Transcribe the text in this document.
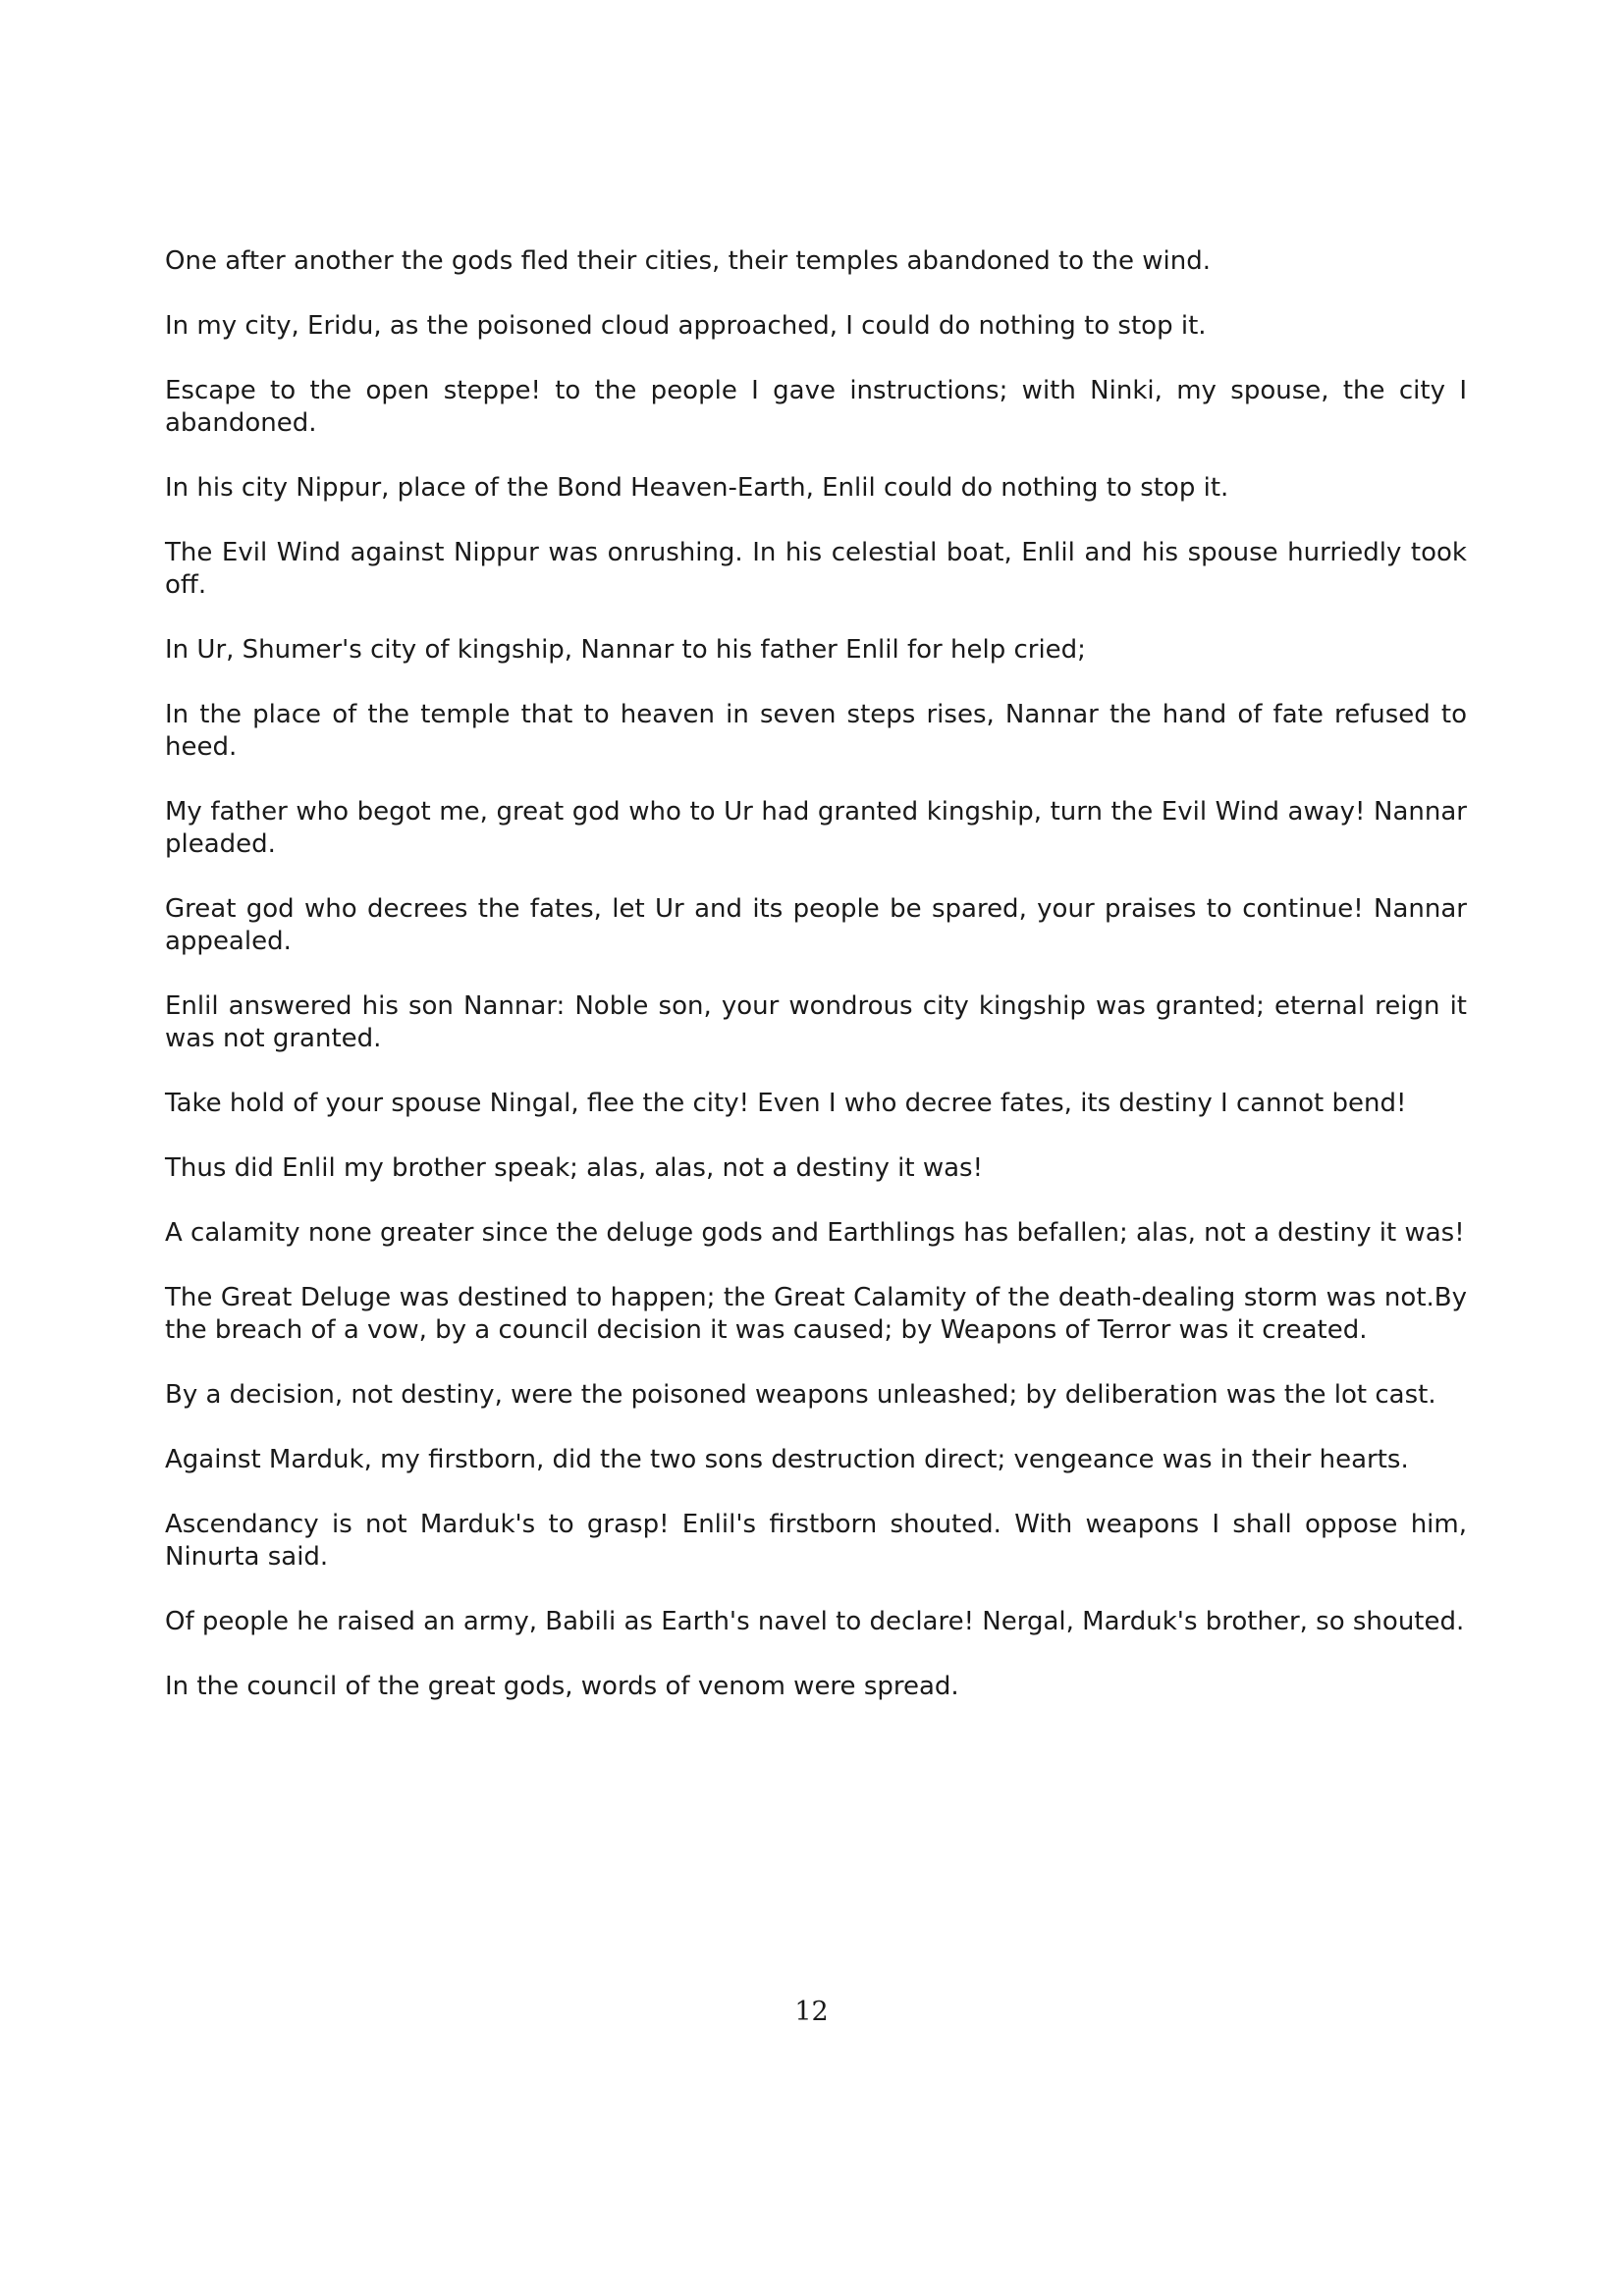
One after another the gods fled their cities, their temples abandoned to the wind.

In my city, Eridu, as the poisoned cloud approached, I could do nothing to stop it.

Escape to the open steppe! to the people I gave instructions; with Ninki, my spouse, the city I abandoned.

In his city Nippur, place of the Bond Heaven-Earth, Enlil could do nothing to stop it.

The Evil Wind against Nippur was onrushing. In his celestial boat, Enlil and his spouse hurriedly took off.

In Ur, Shumer's city of kingship, Nannar to his father Enlil for help cried;

In the place of the temple that to heaven in seven steps rises, Nannar the hand of fate refused to heed.

My father who begot me, great god who to Ur had granted kingship, turn the Evil Wind away! Nannar pleaded.

Great god who decrees the fates, let Ur and its people be spared, your praises to continue! Nannar appealed.

Enlil answered his son Nannar: Noble son, your wondrous city kingship was granted; eternal reign it was not granted.

Take hold of your spouse Ningal, flee the city! Even I who decree fates, its destiny I cannot bend!

Thus did Enlil my brother speak; alas, alas, not a destiny it was!

A calamity none greater since the deluge gods and Earthlings has befallen; alas, not a destiny it was!

The Great Deluge was destined to happen; the Great Calamity of the death-dealing storm was not.By the breach of a vow, by a council decision it was caused; by Weapons of Terror was it created.

By a decision, not destiny, were the poisoned weapons unleashed; by deliberation was the lot cast.

Against Marduk, my firstborn, did the two sons destruction direct; vengeance was in their hearts.

Ascendancy is not Marduk's to grasp! Enlil's firstborn shouted. With weapons I shall oppose him, Ninurta said.

Of people he raised an army, Babili as Earth's navel to declare! Nergal, Marduk's brother, so shouted.

In the council of the great gods, words of venom were spread.

12
